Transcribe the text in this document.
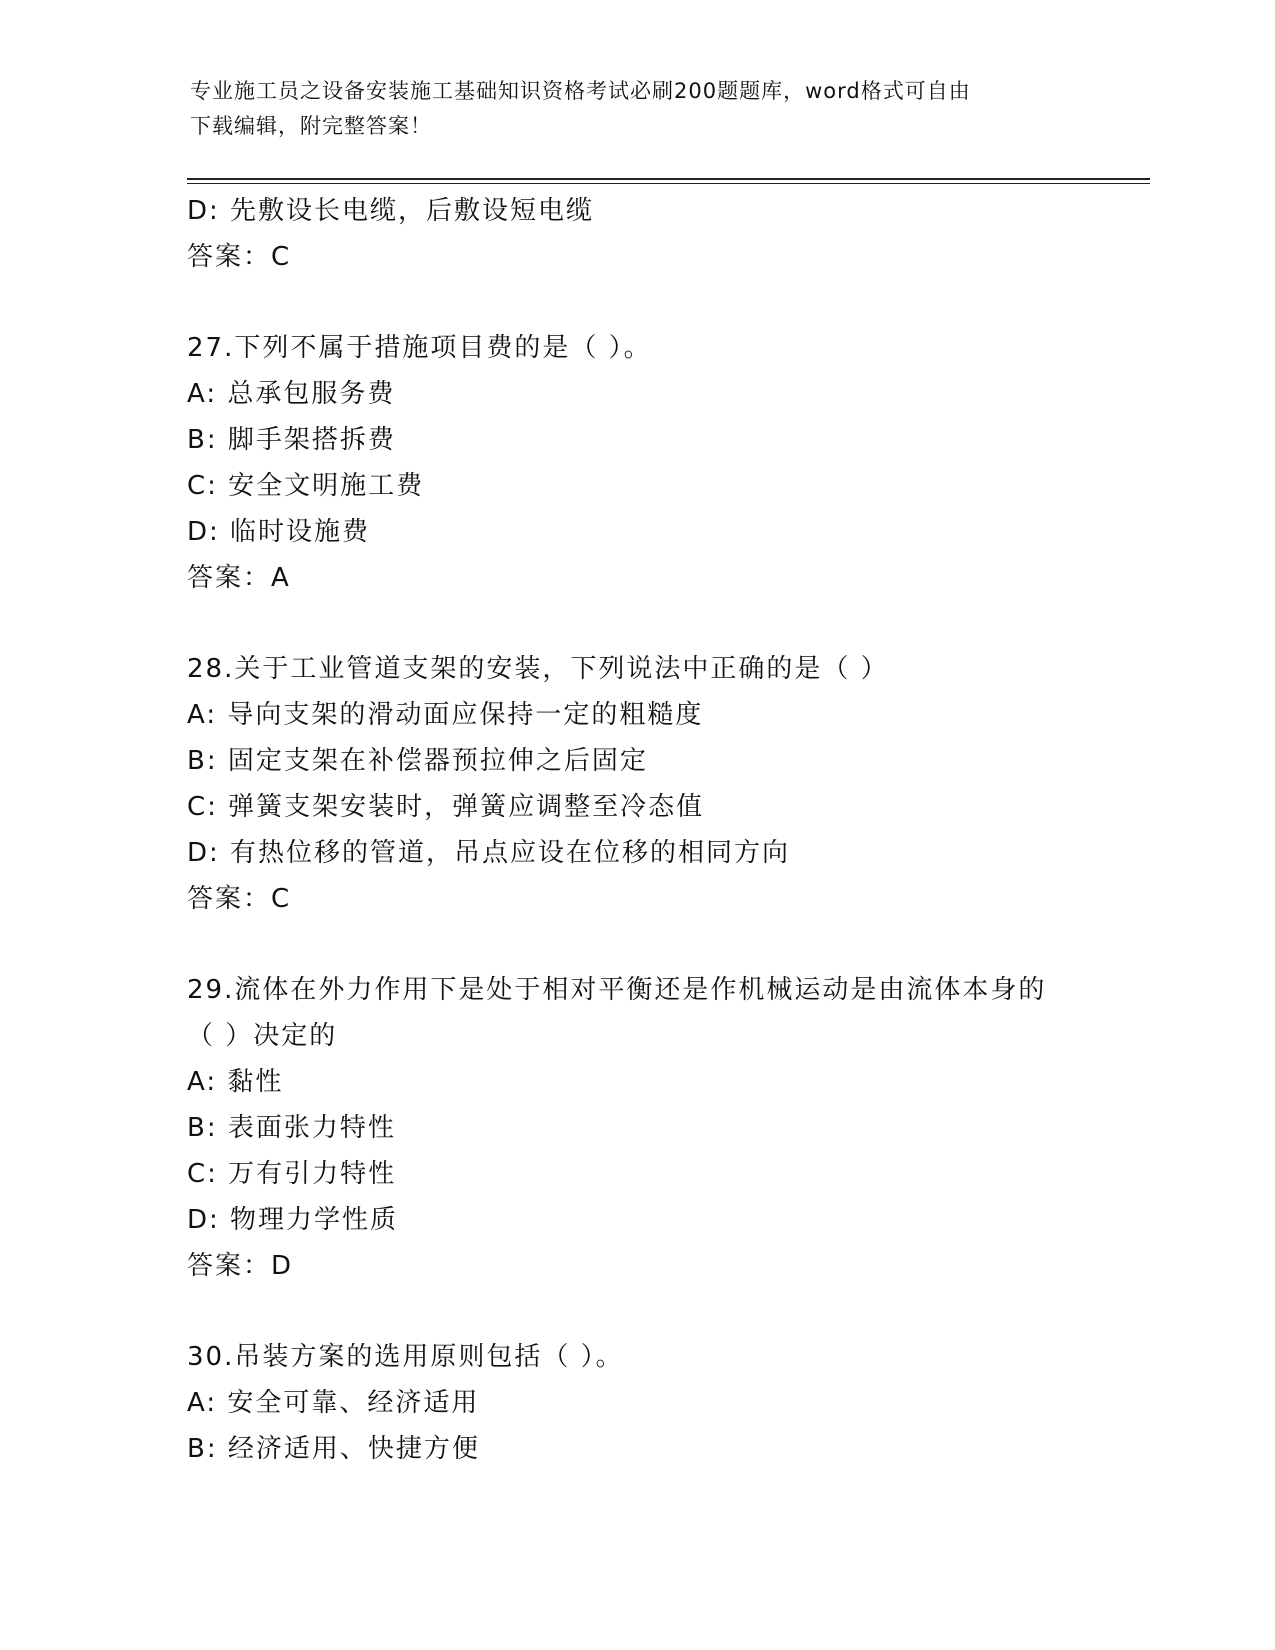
专业施工员之设备安装施工基础知识资格考试必刷200题题库，word格式可自由
下载编辑，附完整答案！
D: 先敷设长电缆，后敷设短电缆
答案：C
27.下列不属于措施项目费的是（ ）。
A: 总承包服务费
B: 脚手架搭拆费
C: 安全文明施工费
D: 临时设施费
答案：A
28.关于工业管道支架的安装，下列说法中正确的是（ ）
A: 导向支架的滑动面应保持一定的粗糙度
B: 固定支架在补偿器预拉伸之后固定
C: 弹簧支架安装时，弹簧应调整至冷态值
D: 有热位移的管道，吊点应设在位移的相同方向
答案：C
29.流体在外力作用下是处于相对平衡还是作机械运动是由流体本身的
（ ）决定的
A: 黏性
B: 表面张力特性
C: 万有引力特性
D: 物理力学性质
答案：D
30.吊装方案的选用原则包括（ ）。
A: 安全可靠、经济适用
B: 经济适用、快捷方便
